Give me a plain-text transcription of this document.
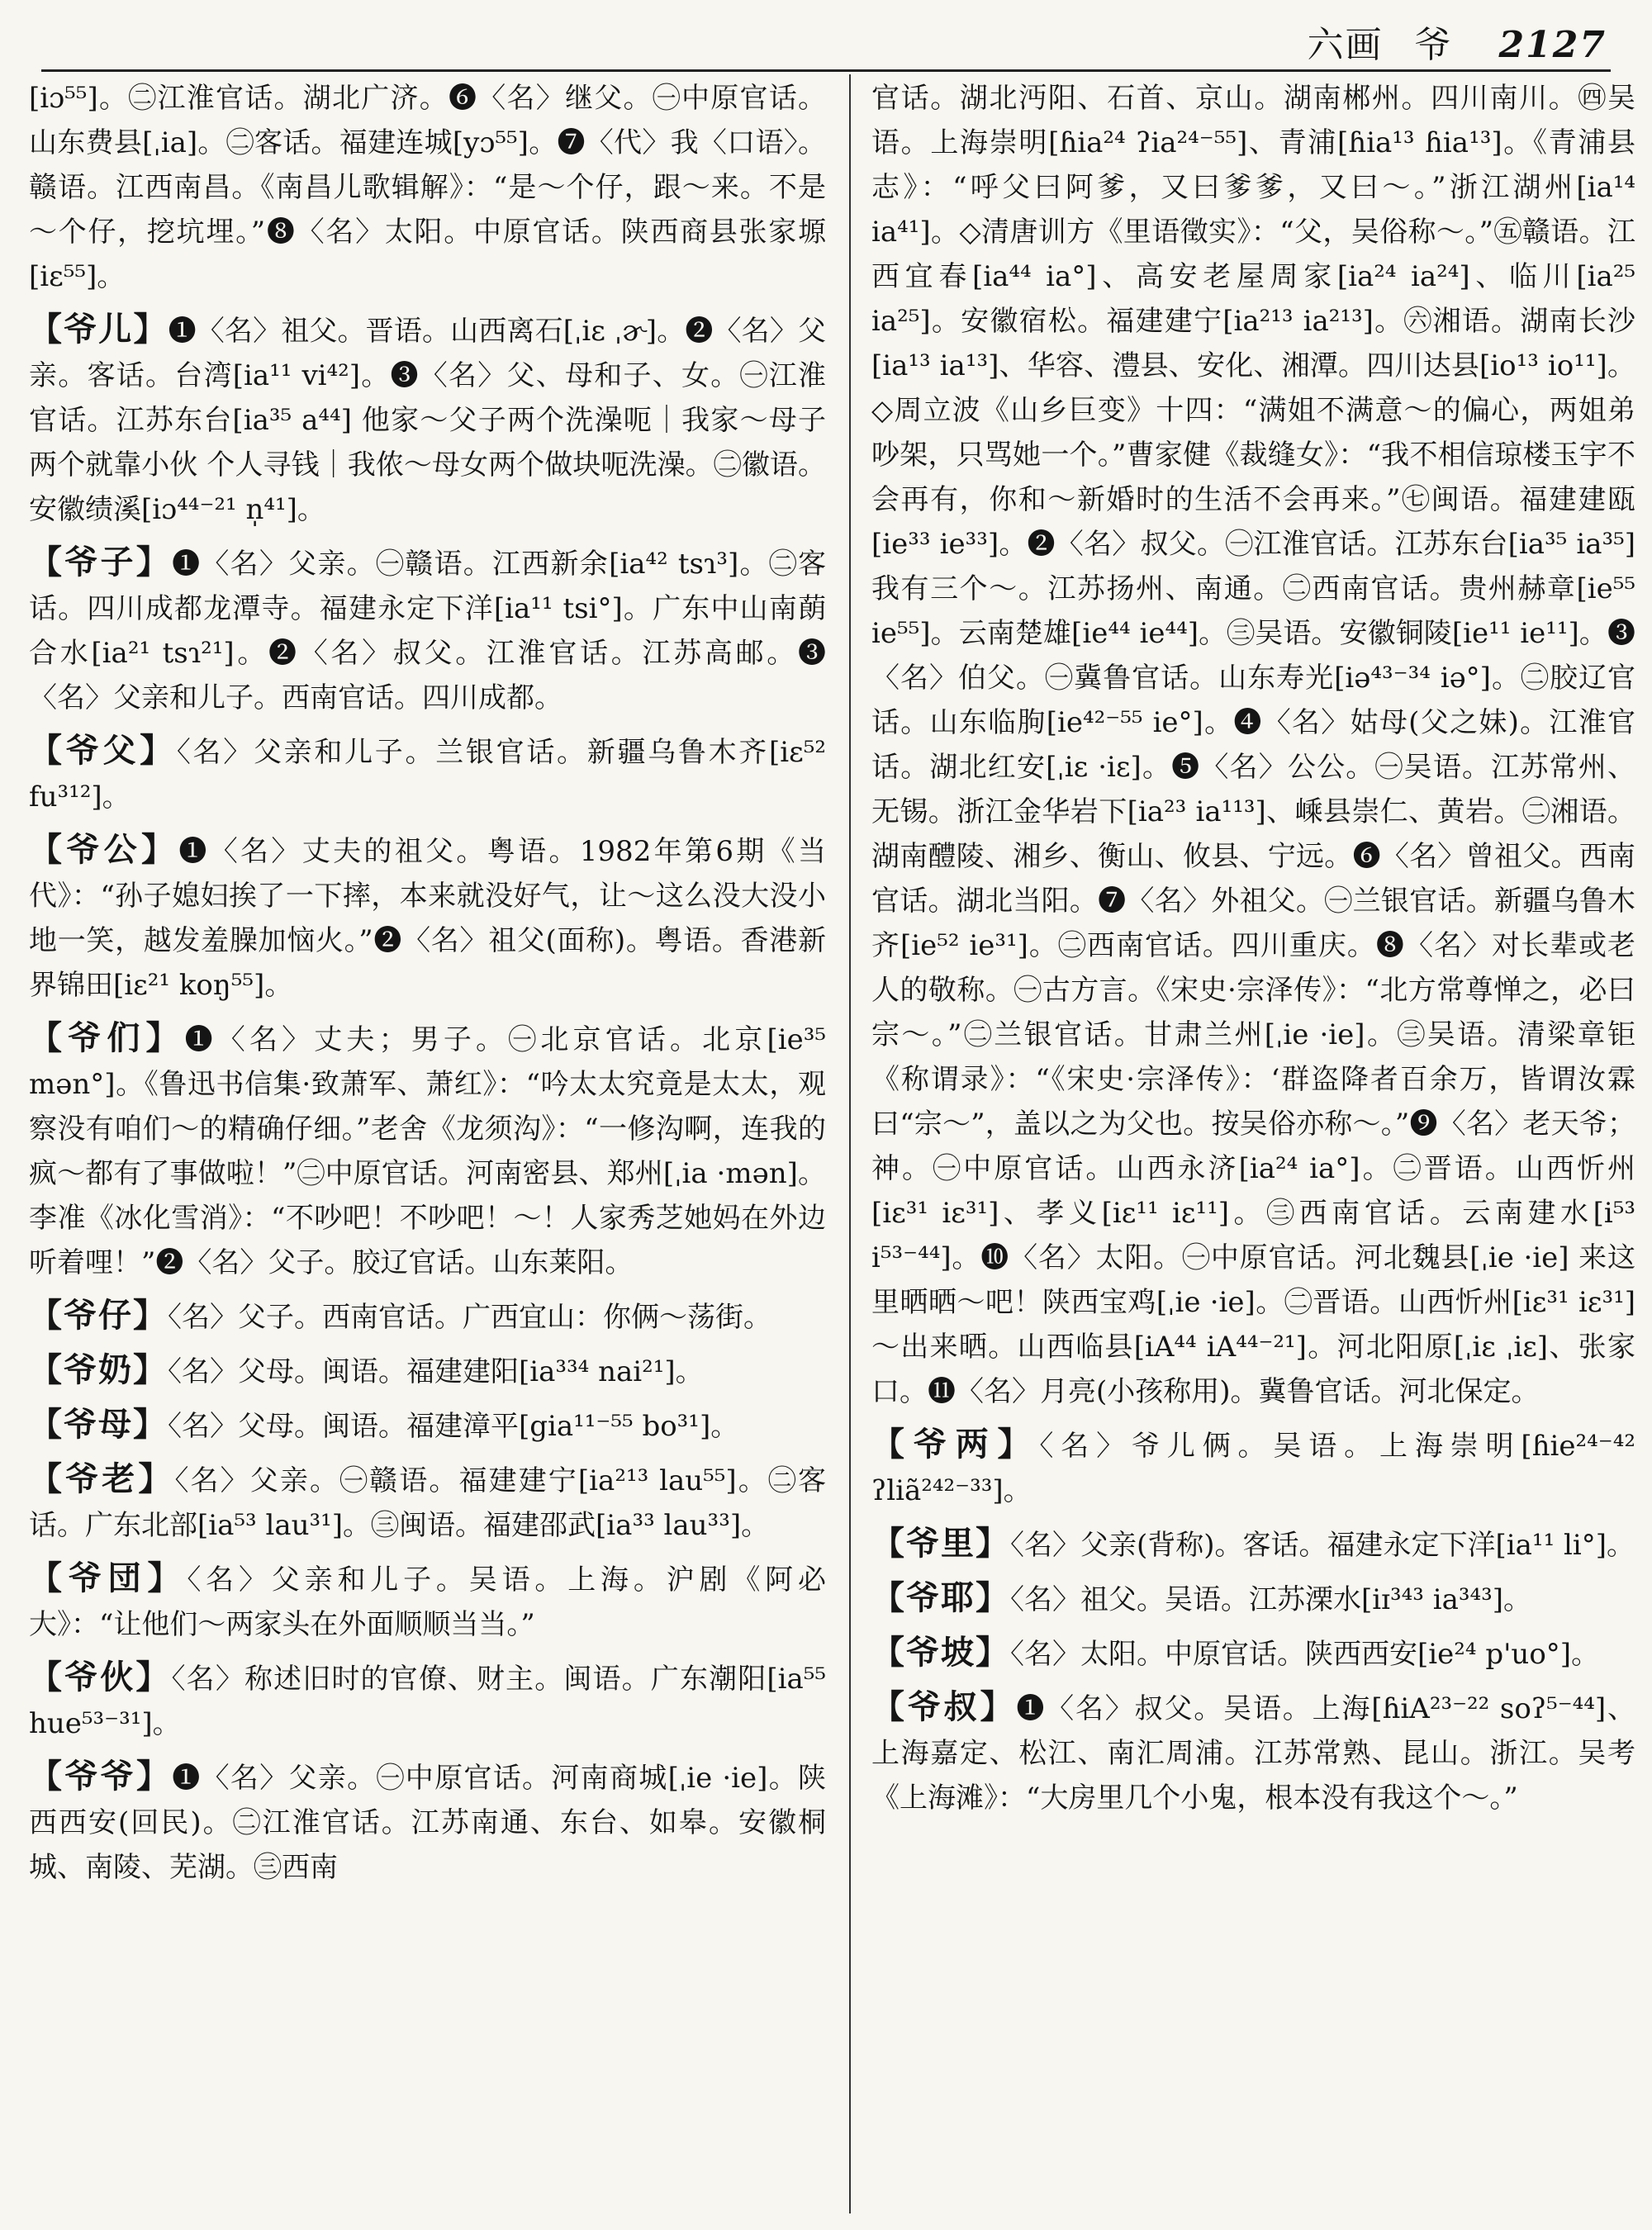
六画 爷 2127

[iɔ⁵⁵]。㊁江淮官话。湖北广济。❻〈名〉继父。㊀中原官话。山东费县[ˌia]。㊁客话。福建连城[yɔ⁵⁵]。❼〈代〉我〈口语〉。赣语。江西南昌。《南昌儿歌辑解》：“是～个仔，跟～来。不是～个仔，挖坑埋。”❽〈名〉太阳。中原官话。陕西商县张家塬[iɛ⁵⁵]。

【爷儿】❶〈名〉祖父。晋语。山西离石[ˌiɛ ˌɚ]。❷〈名〉父亲。客话。台湾[ia¹¹ vi⁴²]。❸〈名〉父、母和子、女。㊀江淮官话。江苏东台[ia³⁵ a⁴⁴] 他家～父子两个洗澡呃｜我家～母子两个就靠小伙 个人寻钱｜我侬～母女两个做块呃洗澡。㊁徽语。安徽绩溪[iɔ⁴⁴⁻²¹ n̩⁴¹]。

【爷子】❶〈名〉父亲。㊀赣语。江西新余[ia⁴² tsɿ³]。㊁客话。四川成都龙潭寺。福建永定下洋[ia¹¹ tsi°]。广东中山南蓢合水[ia²¹ tsɿ²¹]。❷〈名〉叔父。江淮官话。江苏高邮。❸〈名〉父亲和儿子。西南官话。四川成都。

【爷父】〈名〉父亲和儿子。兰银官话。新疆乌鲁木齐[iɛ⁵² fu³¹²]。

【爷公】❶〈名〉丈夫的祖父。粤语。1982年第6期《当代》：“孙子媳妇挨了一下摔，本来就没好气，让～这么没大没小地一笑，越发羞臊加恼火。”❷〈名〉祖父(面称)。粤语。香港新界锦田[iɛ²¹ koŋ⁵⁵]。

【爷们】❶〈名〉丈夫；男子。㊀北京官话。北京[ie³⁵ mən°]。《鲁迅书信集·致萧军、萧红》：“吟太太究竟是太太，观察没有咱们～的精确仔细。”老舍《龙须沟》：“一修沟啊，连我的疯～都有了事做啦！”㊁中原官话。河南密县、郑州[ˌia ·mən]。李准《冰化雪消》：“不吵吧！不吵吧！～！人家秀芝她妈在外边听着哩！”❷〈名〉父子。胶辽官话。山东莱阳。

【爷仔】〈名〉父子。西南官话。广西宜山：你俩～荡街。

【爷奶】〈名〉父母。闽语。福建建阳[ia³³⁴ nai²¹]。

【爷母】〈名〉父母。闽语。福建漳平[gia¹¹⁻⁵⁵ bo³¹]。

【爷老】〈名〉父亲。㊀赣语。福建建宁[ia²¹³ lau⁵⁵]。㊁客话。广东北部[ia⁵³ lau³¹]。㊂闽语。福建邵武[ia³³ lau³³]。

【爷団】〈名〉父亲和儿子。吴语。上海。沪剧《阿必大》：“让他们～两家头在外面顺顺当当。”

【爷伙】〈名〉称述旧时的官僚、财主。闽语。广东潮阳[ia⁵⁵ hue⁵³⁻³¹]。

【爷爷】❶〈名〉父亲。㊀中原官话。河南商城[ˌie ·ie]。陕西西安(回民)。㊁江淮官话。江苏南通、东台、如皋。安徽桐城、南陵、芜湖。㊂西南

官话。湖北沔阳、石首、京山。湖南郴州。四川南川。㊃吴语。上海崇明[ɦia²⁴ ʔia²⁴⁻⁵⁵]、青浦[ɦia¹³ ɦia¹³]。《青浦县志》：“呼父曰阿爹，又曰爹爹，又曰～。”浙江湖州[ia¹⁴ ia⁴¹]。◇清唐训方《里语徵实》：“父，吴俗称～。”㊄赣语。江西宜春[ia⁴⁴ ia°]、高安老屋周家[ia²⁴ ia²⁴]、临川[ia²⁵ ia²⁵]。安徽宿松。福建建宁[ia²¹³ ia²¹³]。㊅湘语。湖南长沙[ia¹³ ia¹³]、华容、澧县、安化、湘潭。四川达县[io¹³ io¹¹]。◇周立波《山乡巨变》十四：“满姐不满意～的偏心，两姐弟吵架，只骂她一个。”曹家健《裁缝女》：“我不相信琼楼玉宇不会再有，你和～新婚时的生活不会再来。”㊆闽语。福建建瓯[ie³³ ie³³]。❷〈名〉叔父。㊀江淮官话。江苏东台[ia³⁵ ia³⁵] 我有三个～。江苏扬州、南通。㊁西南官话。贵州赫章[ie⁵⁵ ie⁵⁵]。云南楚雄[ie⁴⁴ ie⁴⁴]。㊂吴语。安徽铜陵[ie¹¹ ie¹¹]。❸〈名〉伯父。㊀冀鲁官话。山东寿光[iə⁴³⁻³⁴ iə°]。㊁胶辽官话。山东临朐[ie⁴²⁻⁵⁵ ie°]。❹〈名〉姑母(父之妹)。江淮官话。湖北红安[ˌiɛ ·iɛ]。❺〈名〉公公。㊀吴语。江苏常州、无锡。浙江金华岩下[ia²³ ia¹¹³]、嵊县崇仁、黄岩。㊁湘语。湖南醴陵、湘乡、衡山、攸县、宁远。❻〈名〉曾祖父。西南官话。湖北当阳。❼〈名〉外祖父。㊀兰银官话。新疆乌鲁木齐[ie⁵² ie³¹]。㊁西南官话。四川重庆。❽〈名〉对长辈或老人的敬称。㊀古方言。《宋史·宗泽传》：“北方常尊惮之，必曰宗～。”㊁兰银官话。甘肃兰州[ˌie ·ie]。㊂吴语。清梁章钜《称谓录》：“《宋史·宗泽传》：‘群盗降者百余万，皆谓汝霖曰“宗～”，盖以之为父也。按吴俗亦称～。”❾〈名〉老天爷；神。㊀中原官话。山西永济[ia²⁴ ia°]。㊁晋语。山西忻州[iɛ³¹ iɛ³¹]、孝义[iɛ¹¹ iɛ¹¹]。㊂西南官话。云南建水[i⁵³ i⁵³⁻⁴⁴]。❿〈名〉太阳。㊀中原官话。河北魏县[ˌie ·ie] 来这里晒晒～吧！陕西宝鸡[ˌie ·ie]。㊁晋语。山西忻州[iɛ³¹ iɛ³¹] ～出来晒。山西临县[iA⁴⁴ iA⁴⁴⁻²¹]。河北阳原[ˌiɛ ˌiɛ]、张家口。⓫〈名〉月亮(小孩称用)。冀鲁官话。河北保定。

【爷两】〈名〉爷儿俩。吴语。上海崇明[ɦie²⁴⁻⁴² ʔliã²⁴²⁻³³]。

【爷里】〈名〉父亲(背称)。客话。福建永定下洋[ia¹¹ li°]。

【爷耶】〈名〉祖父。吴语。江苏溧水[iɪ³⁴³ ia³⁴³]。

【爷坡】〈名〉太阳。中原官话。陕西西安[ie²⁴ p'uo°]。

【爷叔】❶〈名〉叔父。吴语。上海[ɦiA²³⁻²² soʔ⁵⁻⁴⁴]、上海嘉定、松江、南汇周浦。江苏常熟、昆山。浙江。吴考《上海滩》：“大房里几个小鬼，根本没有我这个～。”
